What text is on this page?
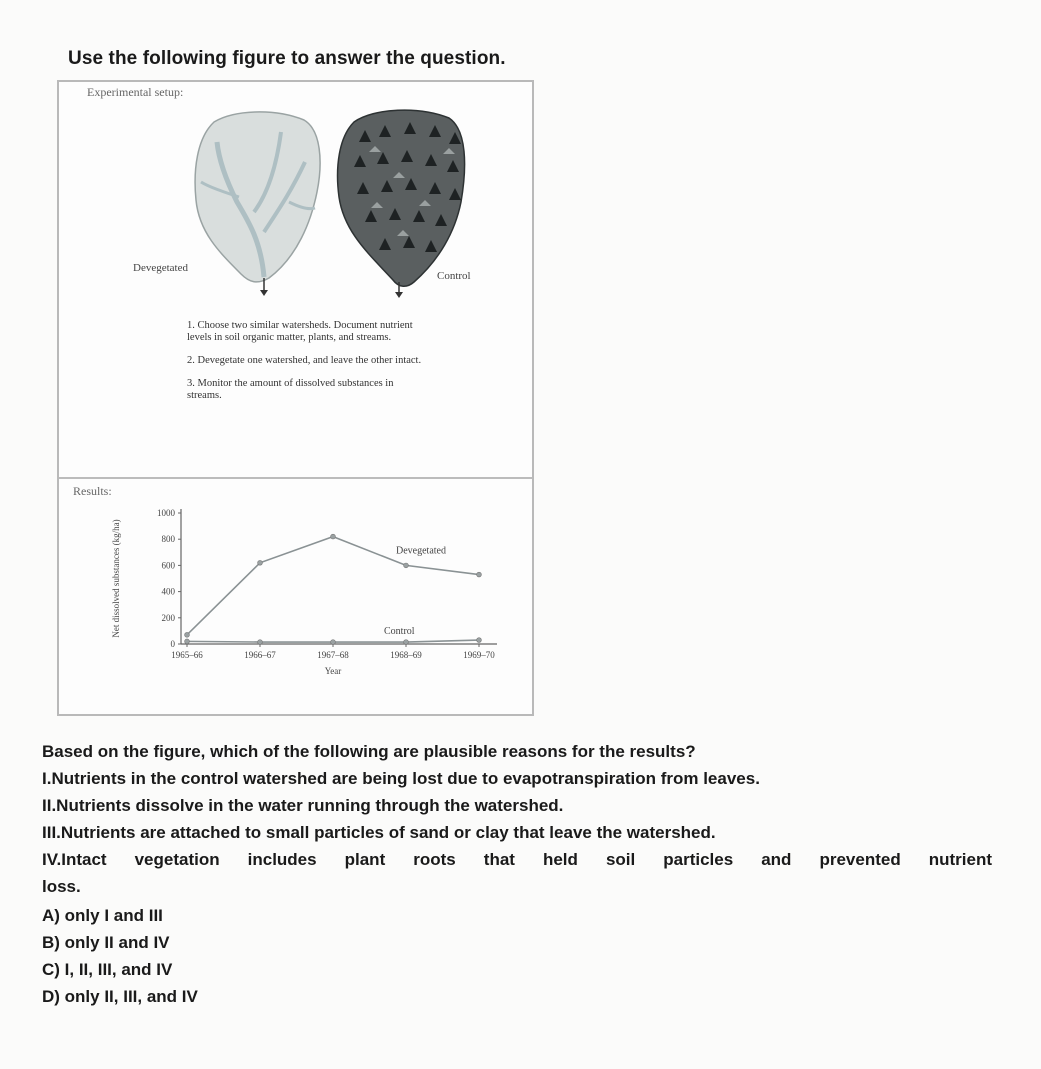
Use the following figure to answer the question.
Experimental setup:
Devegetated
Control
1. Choose two similar watersheds. Document nutrient levels in soil organic matter, plants, and streams.
2. Devegetate one watershed, and leave the other intact.
3. Monitor the amount of dissolved substances in streams.
Results:
0
200
400
600
800
1000
1965–66	1966–67	1967–68	1968–69	1969–70
Year
Net dissolved substances (kg/ha)	Devegetated
Control

Based on the figure, which of the following are plausible reasons for the results?

I.Nutrients in the control watershed are being lost due to evapotranspiration from leaves.

II.Nutrients dissolve in the water running through the watershed.

III.Nutrients are attached to small particles of sand or clay that leave the watershed.

IV.Intact vegetation includes plant roots that held soil particles and prevented nutrient

loss.

A) only I and III

B) only II and IV

C) I, II, III, and IV

D) only II, III, and IV
